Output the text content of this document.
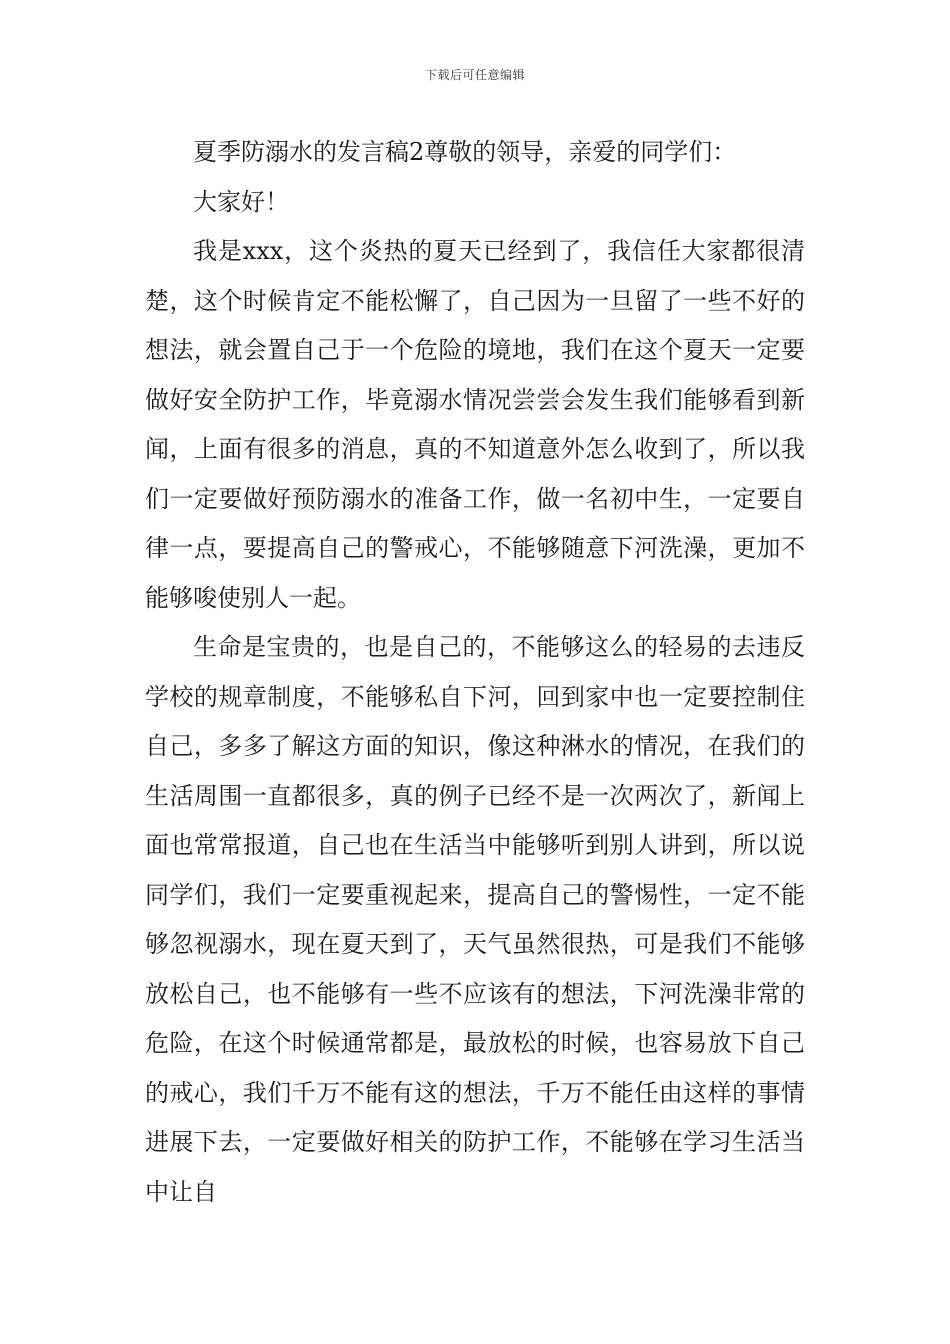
下载后可任意编辑

夏季防溺水的发言稿2尊敬的领导，亲爱的同学们：

大家好！

我是xxx，这个炎热的夏天已经到了，我信任大家都很清楚，这个时候肯定不能松懈了，自己因为一旦留了一些不好的想法，就会置自己于一个危险的境地，我们在这个夏天一定要做好安全防护工作，毕竟溺水情况尝尝会发生我们能够看到新闻，上面有很多的消息，真的不知道意外怎么收到了，所以我们一定要做好预防溺水的准备工作，做一名初中生，一定要自律一点，要提高自己的警戒心，不能够随意下河洗澡，更加不能够唆使别人一起。

生命是宝贵的，也是自己的，不能够这么的轻易的去违反学校的规章制度，不能够私自下河，回到家中也一定要控制住自己，多多了解这方面的知识，像这种淋水的情况，在我们的生活周围一直都很多，真的例子已经不是一次两次了，新闻上面也常常报道，自己也在生活当中能够听到别人讲到，所以说同学们，我们一定要重视起来，提高自己的警惕性，一定不能够忽视溺水，现在夏天到了，天气虽然很热，可是我们不能够放松自己，也不能够有一些不应该有的想法，下河洗澡非常的危险，在这个时候通常都是，最放松的时候，也容易放下自己的戒心，我们千万不能有这的想法，千万不能任由这样的事情进展下去，一定要做好相关的防护工作，不能够在学习生活当中让自
